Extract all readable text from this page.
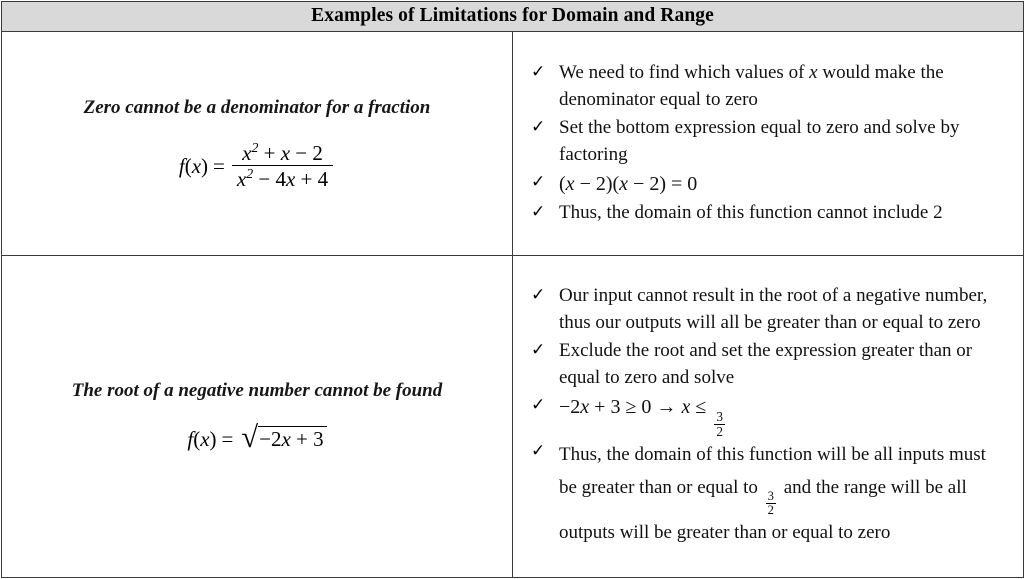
Examples of Limitations for Domain and Range	

Zero cannot be a denominator for a fraction
f ( x ) = $\frac{x^2 + x - 2}{x^2 - 4x + 4}$

✓ We need to find which values of x would make the denominator equal to zero
✓ Set the bottom expression equal to zero and solve by factoring
✓ (x − 2)(x − 2) = 0
✓ Thus, the domain of this function cannot include 2

The root of a negative number cannot be found
f ( x ) = √ −2x + 3

✓ Our input cannot result in the root of a negative number, thus our outputs will all be greater than or equal to zero
✓ Exclude the root and set the expression greater than or equal to zero and solve
✓ −2x + 3 ≥ 0 → x ≤
$\frac{3}{2}$
✓ Thus, the domain of this function will be all inputs must be greater than or equal to
$\frac{3}{2}$
and the range will be all outputs will be greater than or equal to zero
